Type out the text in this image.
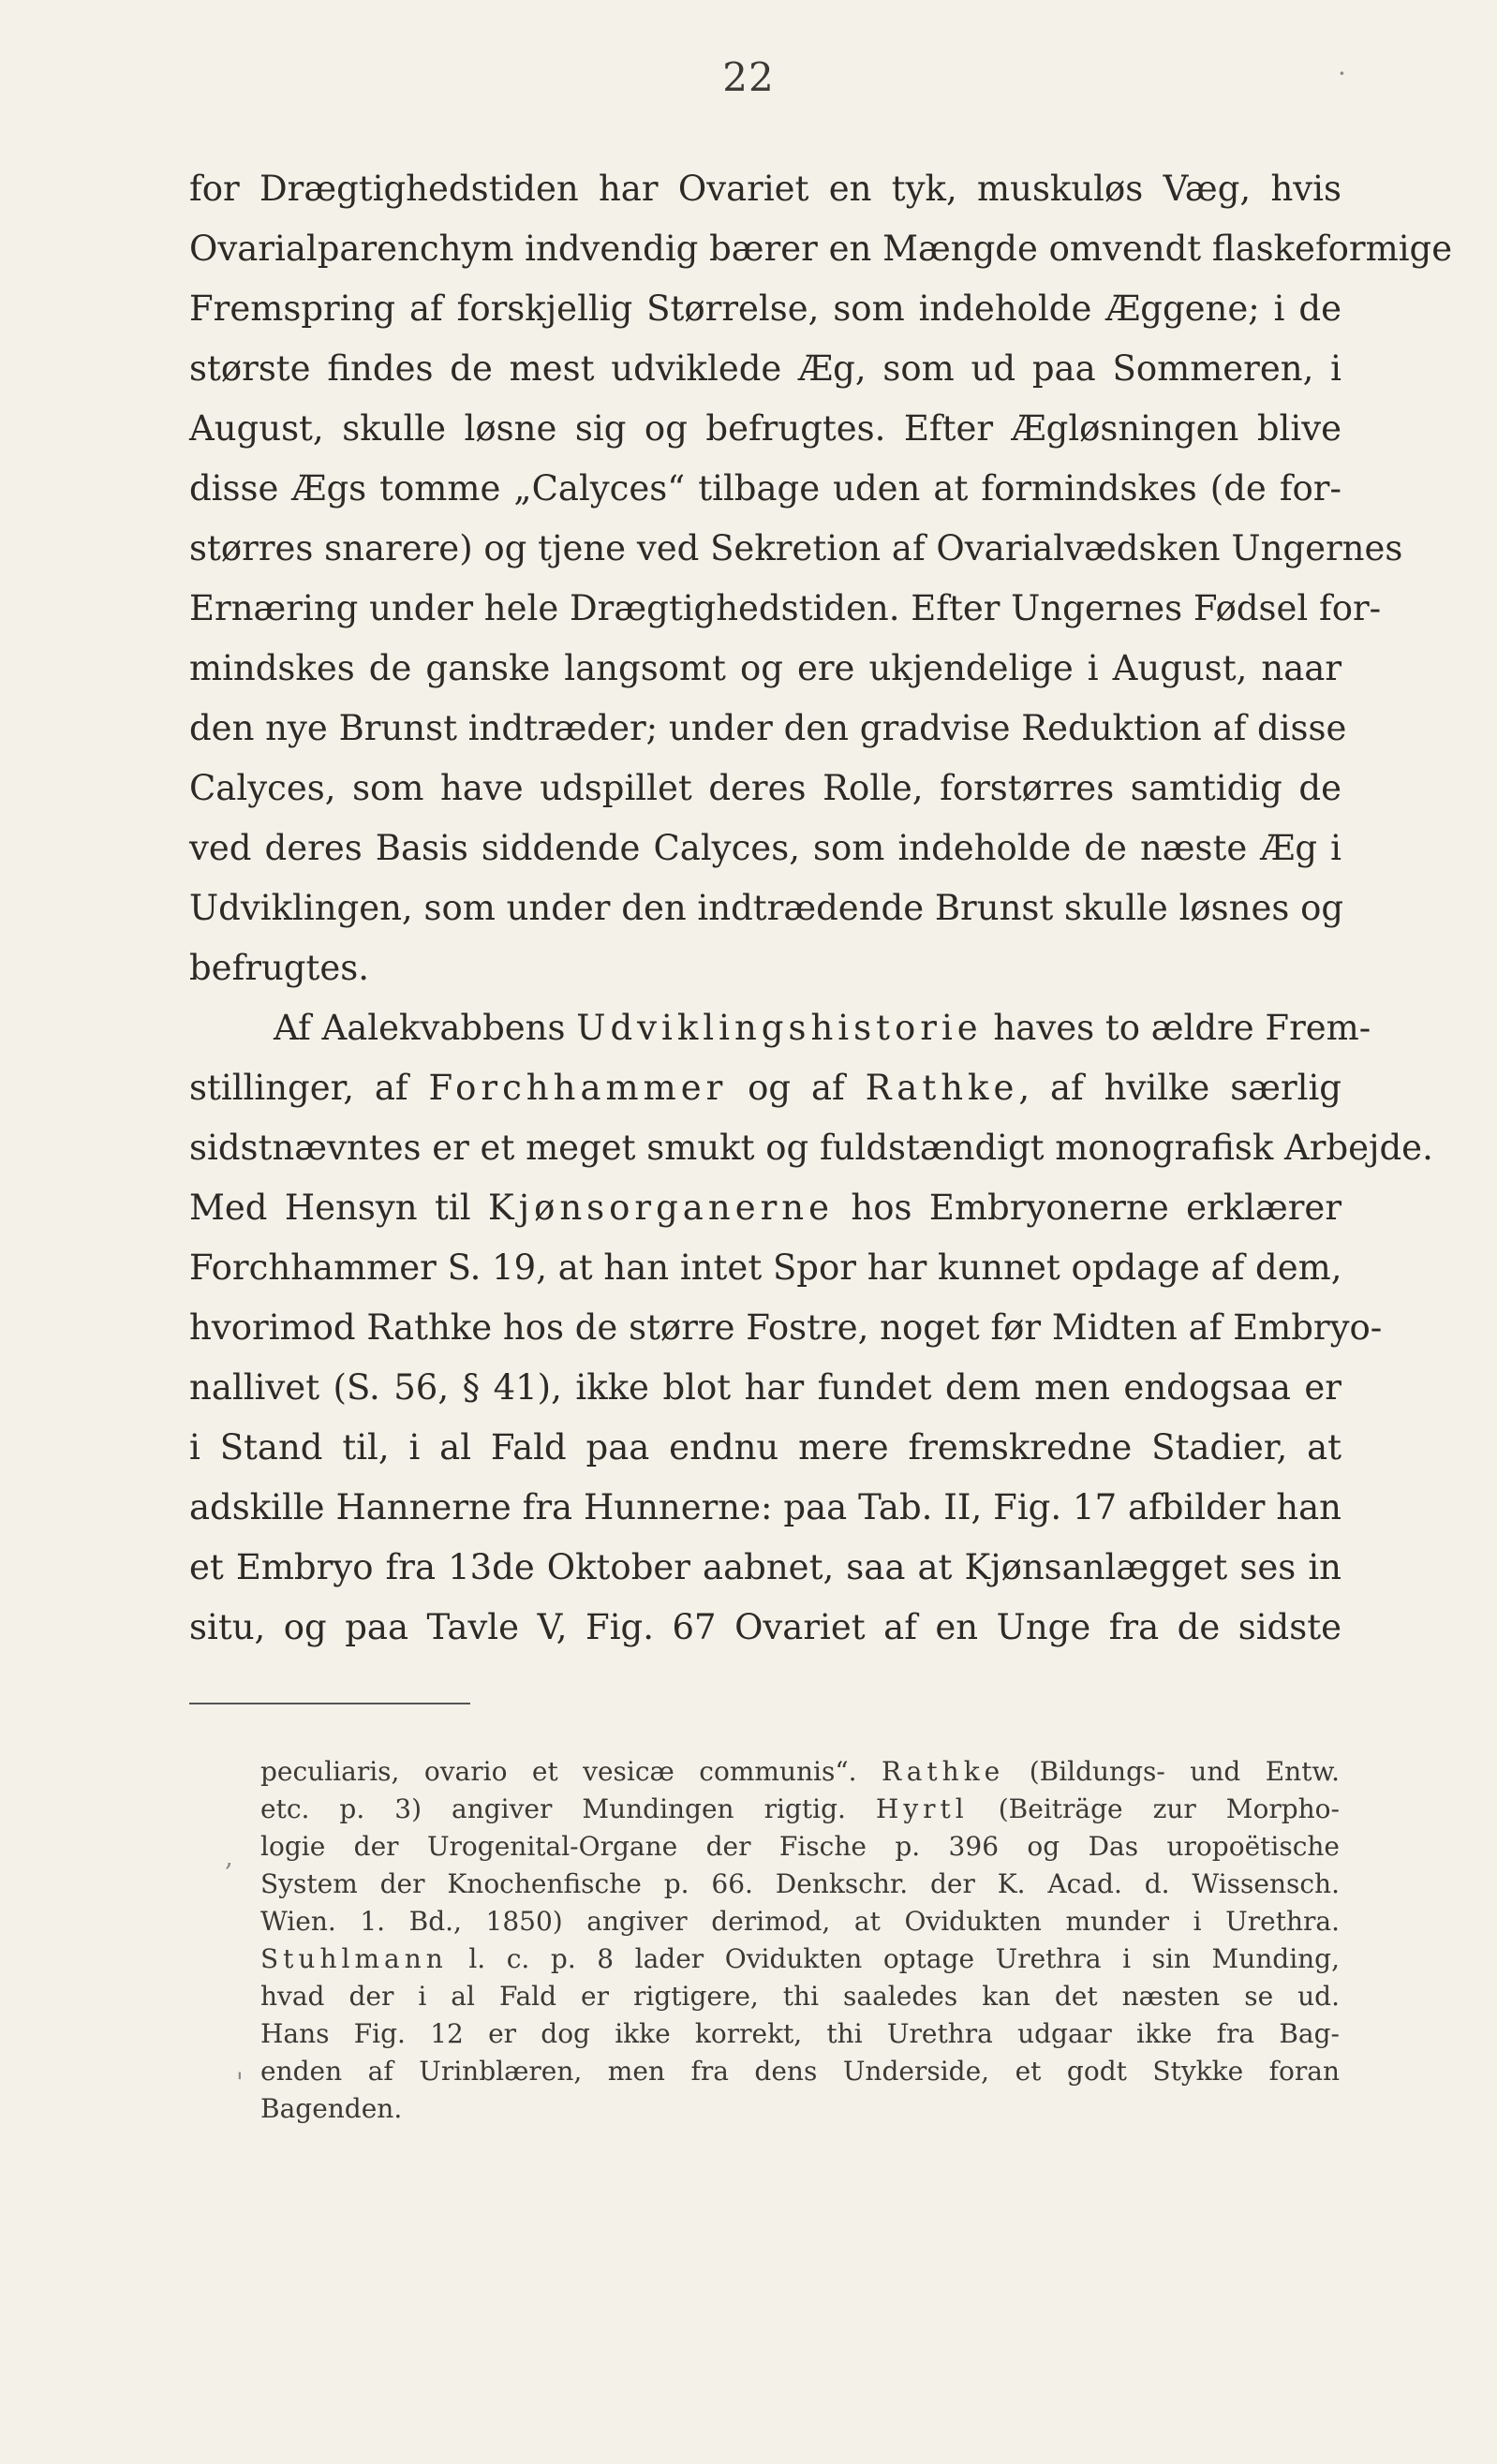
22
for Drægtighedstiden har Ovariet en tyk, muskuløs Væg, hvis
Ovarialparenchym indvendig bærer en Mængde omvendt flaskeformige
Fremspring af forskjellig Størrelse, som indeholde Æggene; i de
største findes de mest udviklede Æg, som ud paa Sommeren, i
August, skulle løsne sig og befrugtes. Efter Ægløsningen blive
disse Ægs tomme „Calyces“ tilbage uden at formindskes (de for-
størres snarere) og tjene ved Sekretion af Ovarialvædsken Ungernes
Ernæring under hele Drægtighedstiden. Efter Ungernes Fødsel for-
mindskes de ganske langsomt og ere ukjendelige i August, naar
den nye Brunst indtræder; under den gradvise Reduktion af disse
Calyces, som have udspillet deres Rolle, forstørres samtidig de
ved deres Basis siddende Calyces, som indeholde de næste Æg i
Udviklingen, som under den indtrædende Brunst skulle løsnes og
befrugtes.
Af Aalekvabbens Udviklingshistorie haves to ældre Frem-
stillinger, af Forchhammer og af Rathke, af hvilke særlig
sidstnævntes er et meget smukt og fuldstændigt monografisk Arbejde.
Med Hensyn til Kjønsorganerne hos Embryonerne erklærer
Forchhammer S. 19, at han intet Spor har kunnet opdage af dem,
hvorimod Rathke hos de større Fostre, noget før Midten af Embryo-
nallivet (S. 56, § 41), ikke blot har fundet dem men endogsaa er
i Stand til, i al Fald paa endnu mere fremskredne Stadier, at
adskille Hannerne fra Hunnerne: paa Tab. II, Fig. 17 afbilder han
et Embryo fra 13de Oktober aabnet, saa at Kjønsanlægget ses in
situ, og paa Tavle V, Fig. 67 Ovariet af en Unge fra de sidste
peculiaris, ovario et vesicæ communis“. Rathke (Bildungs- und Entw.
etc. p. 3) angiver Mundingen rigtig. Hyrtl (Beiträge zur Morpho-
logie der Urogenital-Organe der Fische p. 396 og Das uropoëtische
System der Knochenfische p. 66. Denkschr. der K. Acad. d. Wissensch.
Wien. 1. Bd., 1850) angiver derimod, at Ovidukten munder i Urethra.
Stuhlmann l. c. p. 8 lader Ovidukten optage Urethra i sin Munding,
hvad der i al Fald er rigtigere, thi saaledes kan det næsten se ud.
Hans Fig. 12 er dog ikke korrekt, thi Urethra udgaar ikke fra Bag-
enden af Urinblæren, men fra dens Underside, et godt Stykke foran
Bagenden.
·
,
'
